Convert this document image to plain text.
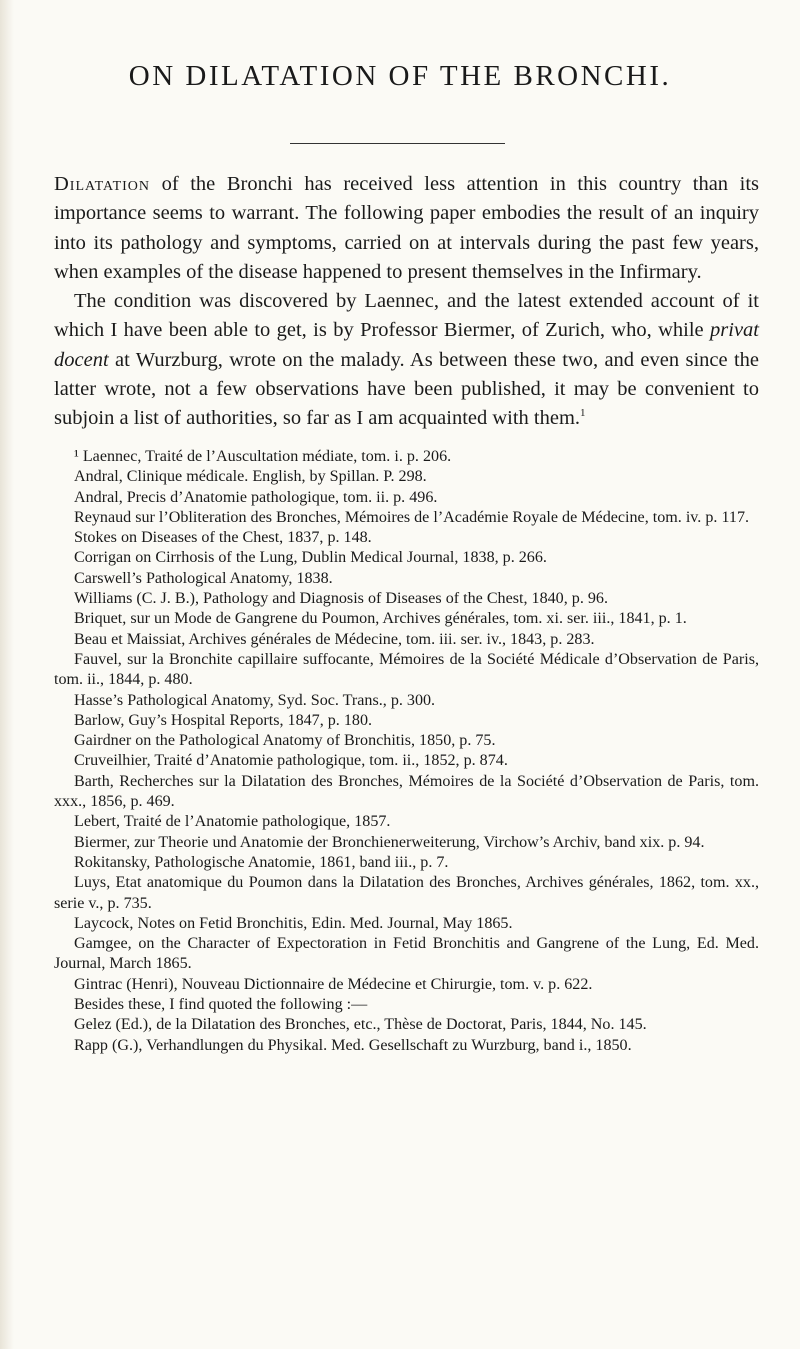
ON DILATATION OF THE BRONCHI.

Dilatation of the Bronchi has received less attention in this country than its importance seems to warrant. The following paper embodies the result of an inquiry into its pathology and symptoms, carried on at intervals during the past few years, when examples of the disease happened to present themselves in the Infirmary.

The condition was discovered by Laennec, and the latest extended account of it which I have been able to get, is by Professor Biermer, of Zurich, who, while privat docent at Wurzburg, wrote on the malady. As between these two, and even since the latter wrote, not a few observations have been published, it may be convenient to subjoin a list of authorities, so far as I am acquainted with them.$^1$

¹ Laennec, Traité de l’Auscultation médiate, tom. i. p. 206.
Andral, Clinique médicale. English, by Spillan. P. 298.
Andral, Precis d’Anatomie pathologique, tom. ii. p. 496.
Reynaud sur l’Obliteration des Bronches, Mémoires de l’Académie Royale de Médecine, tom. iv. p. 117.
Stokes on Diseases of the Chest, 1837, p. 148.
Corrigan on Cirrhosis of the Lung, Dublin Medical Journal, 1838, p. 266.
Carswell’s Pathological Anatomy, 1838.
Williams (C. J. B.), Pathology and Diagnosis of Diseases of the Chest, 1840, p. 96.
Briquet, sur un Mode de Gangrene du Poumon, Archives générales, tom. xi. ser. iii., 1841, p. 1.
Beau et Maissiat, Archives générales de Médecine, tom. iii. ser. iv., 1843, p. 283.
Fauvel, sur la Bronchite capillaire suffocante, Mémoires de la Société Médicale d’Observation de Paris, tom. ii., 1844, p. 480.
Hasse’s Pathological Anatomy, Syd. Soc. Trans., p. 300.
Barlow, Guy’s Hospital Reports, 1847, p. 180.
Gairdner on the Pathological Anatomy of Bronchitis, 1850, p. 75.
Cruveilhier, Traité d’Anatomie pathologique, tom. ii., 1852, p. 874.
Barth, Recherches sur la Dilatation des Bronches, Mémoires de la Société d’Observation de Paris, tom. xxx., 1856, p. 469.
Lebert, Traité de l’Anatomie pathologique, 1857.
Biermer, zur Theorie und Anatomie der Bronchienerweiterung, Virchow’s Archiv, band xix. p. 94.
Rokitansky, Pathologische Anatomie, 1861, band iii., p. 7.
Luys, Etat anatomique du Poumon dans la Dilatation des Bronches, Archives générales, 1862, tom. xx., serie v., p. 735.
Laycock, Notes on Fetid Bronchitis, Edin. Med. Journal, May 1865.
Gamgee, on the Character of Expectoration in Fetid Bronchitis and Gangrene of the Lung, Ed. Med. Journal, March 1865.
Gintrac (Henri), Nouveau Dictionnaire de Médecine et Chirurgie, tom. v. p. 622.
Besides these, I find quoted the following :—
Gelez (Ed.), de la Dilatation des Bronches, etc., Thèse de Doctorat, Paris, 1844, No. 145.
Rapp (G.), Verhandlungen du Physikal. Med. Gesellschaft zu Wurzburg, band i., 1850.
